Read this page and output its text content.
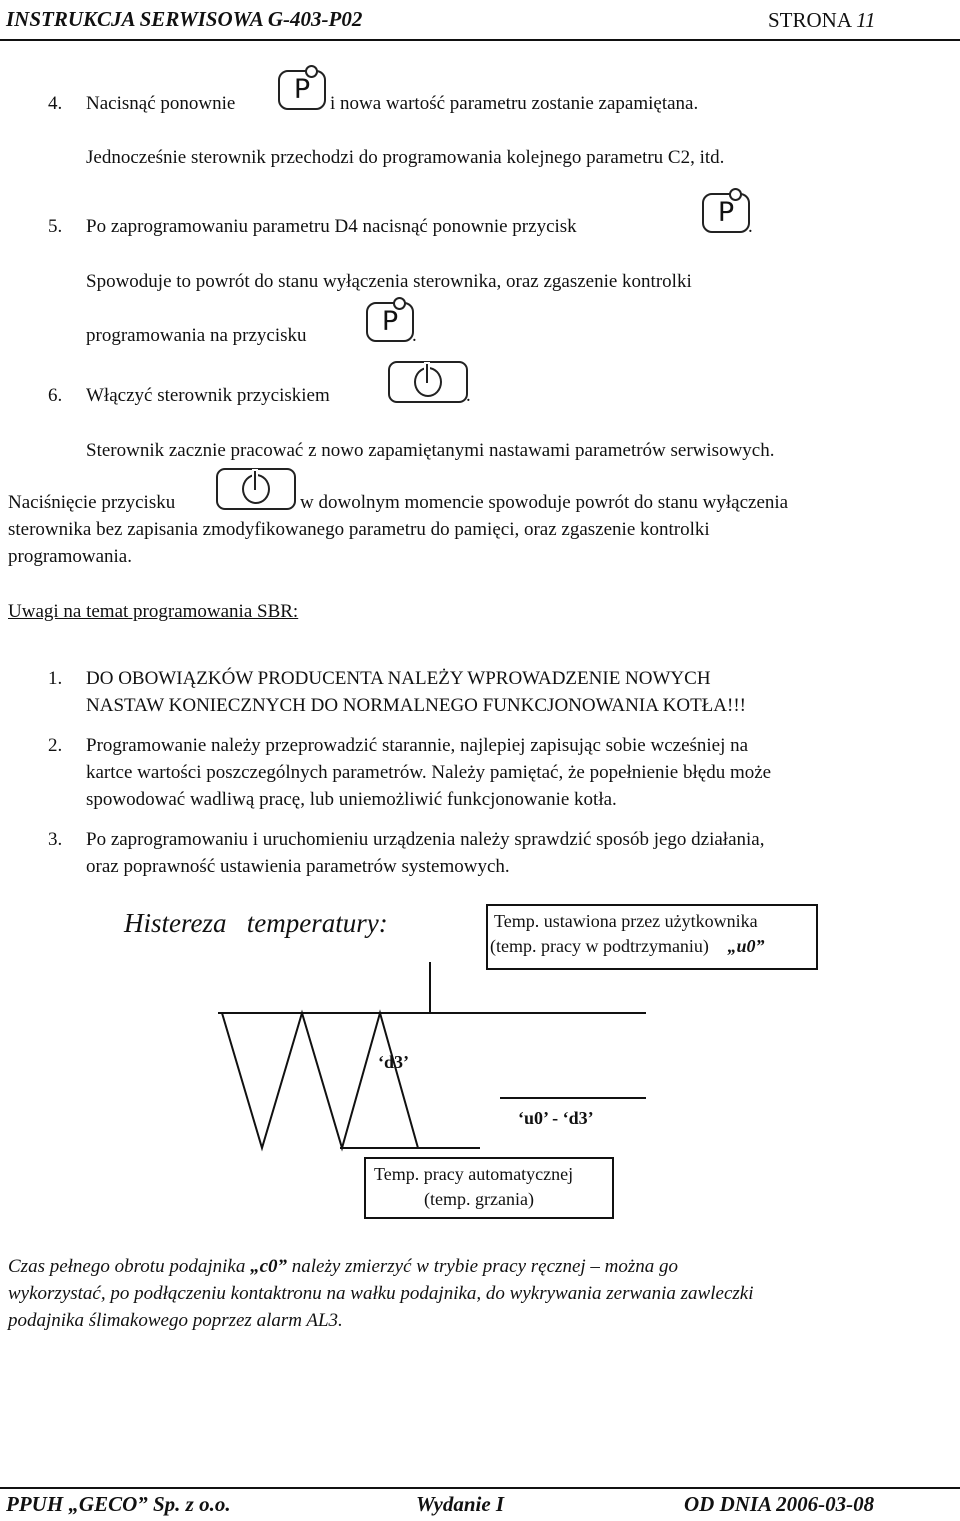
INSTRUKCJA SERWISOWA G-403-P02	STRONA 11
4. Nacisnąć ponownie	P	i nowa wartość parametru zostanie zapamiętana.
Jednocześnie sterownik przechodzi do programowania kolejnego parametru C2, itd.
5. Po zaprogramowaniu parametru D4 nacisnąć ponownie przycisk	P .
Spowoduje to powrót do stanu wyłączenia sterownika, oraz zgaszenie kontrolki
programowania na przycisku	P .
6. Włączyć sterownik przyciskiem	.
Sterownik zacznie pracować z nowo zapamiętanymi nastawami parametrów serwisowych.
Naciśnięcie przycisku	w dowolnym momencie spowoduje powrót do stanu wyłączenia
sterownika bez zapisania zmodyfikowanego parametru do pamięci, oraz zgaszenie kontrolki
programowania.
Uwagi na temat programowania SBR:
1. DO OBOWIĄZKÓW PRODUCENTA NALEŻY WPROWADZENIE NOWYCH
NASTAW KONIECZNYCH DO NORMALNEGO FUNKCJONOWANIA KOTŁA!!!
2. Programowanie należy przeprowadzić starannie, najlepiej zapisując sobie wcześniej na
kartce wartości poszczególnych parametrów. Należy pamiętać, że popełnienie błędu może
spowodować wadliwą pracę, lub uniemożliwić funkcjonowanie kotła.
3. Po zaprogramowaniu i uruchomieniu urządzenia należy sprawdzić sposób jego działania,
oraz poprawność ustawienia parametrów systemowych.
Histereza   temperatury:	Temp. ustawiona przez użytkownika
(temp. pracy w podtrzymaniu) „u0”
‘d3’
‘u0’ - ‘d3’
Temp. pracy automatycznej
(temp. grzania)
Czas pełnego obrotu podajnika „c0” należy zmierzyć w trybie pracy ręcznej – można go
wykorzystać, po podłączeniu kontaktronu na wałku podajnika, do wykrywania zerwania zawleczki
podajnika ślimakowego poprzez alarm AL3.
PPUH „GECO” Sp. z o.o.	Wydanie I	OD DNIA 2006-03-08
